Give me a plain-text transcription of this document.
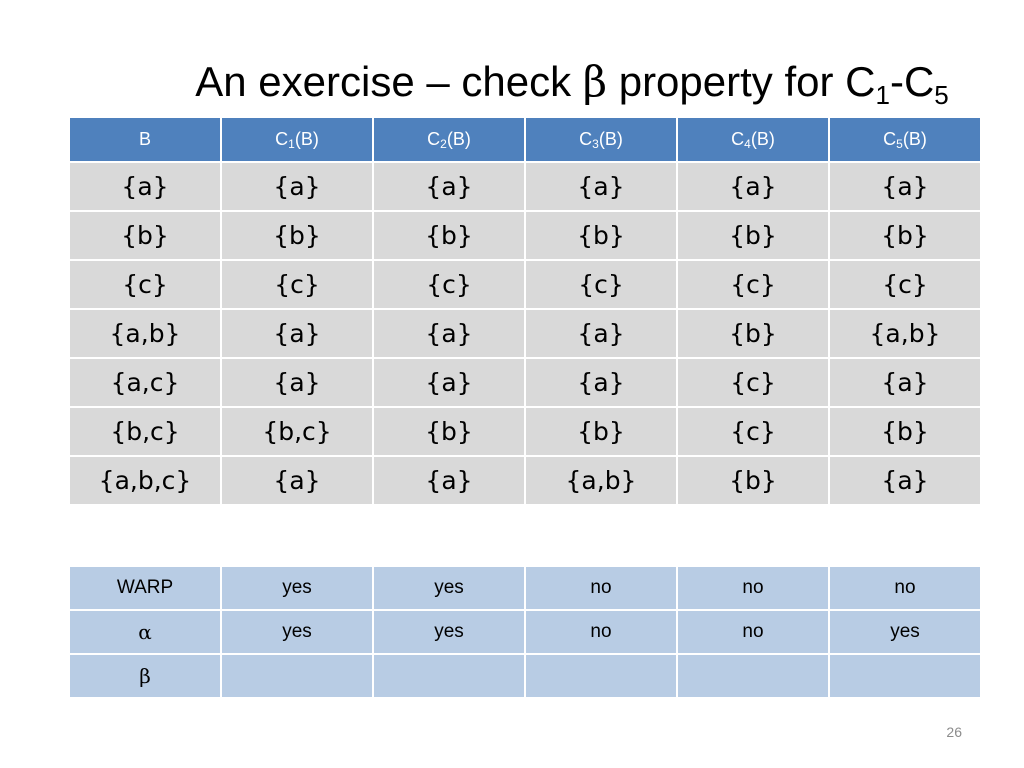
An exercise – check β property for $C_1-C_5$
B	$C_1(B)$	$C_2(B)$	$C_3(B)$	$C_4(B)$	$C_5(B)$
{a}	{a}	{a}	{a}	{a}	{a}
{b}	{b}	{b}	{b}	{b}	{b}
{c}	{c}	{c}	{c}	{c}	{c}
{a,b}	{a}	{a}	{a}	{b}	{a,b}
{a,c}	{a}	{a}	{a}	{c}	{a}
{b,c}	{b,c}	{b}	{b}	{c}	{b}
{a,b,c}	{a}	{a}	{a,b}	{b}	{a}
WARP	yes	yes	no	no	no
α	yes	yes	no	no	yes
β					
26
